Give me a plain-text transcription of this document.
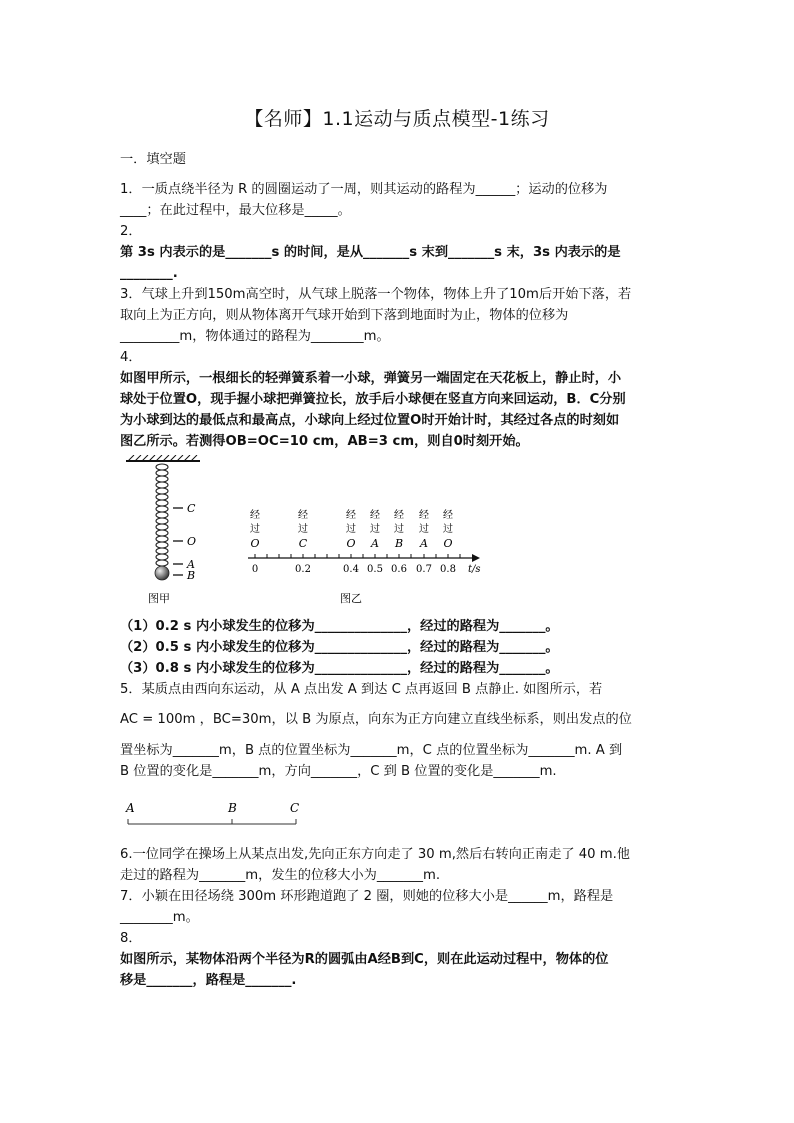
【名师】1.1运动与质点模型-1练习
一．填空题
1．一质点绕半径为 R 的圆圈运动了一周，则其运动的路程为______；运动的位移为
____；在此过程中，最大位移是_____。
2．
第 3s 内表示的是_______s 的时间，是从_______s 末到_______s 末，3s 内表示的是
________.
3．气球上升到150m高空时，从气球上脱落一个物体，物体上升了10m后开始下落，若
取向上为正方向，则从物体离开气球开始到下落到地面时为止，物体的位移为
_________m，物体通过的路程为________m。
4．
如图甲所示，一根细长的轻弹簧系着一小球，弹簧另一端固定在天花板上，静止时，小
球处于位置O，现手握小球把弹簧拉长，放手后小球便在竖直方向来回运动，B．C分别
为小球到达的最低点和最高点，小球向上经过位置O时开始计时，其经过各点的时刻如
图乙所示。若测得OB=OC=10 cm，AB=3 cm，则自0时刻开始。
C
O
A
B
图甲
经
过
经
过
经
过
经
过
经
过
经
过
经
过
O	C	O A B A O
0	0.2	0.4 0.5 0.6 0.7 0.8 t/s
图乙
（1）0.2 s 内小球发生的位移为______________，经过的路程为_______。
（2）0.5 s 内小球发生的位移为______________，经过的路程为_______。
（3）0.8 s 内小球发生的位移为______________，经过的路程为_______。
5．某质点由西向东运动，从 A 点出发 A 到达 C 点再返回 B 点静止. 如图所示，若
AC = 100m ，BC=30m，以 B 为原点，向东为正方向建立直线坐标系，则出发点的位
置坐标为_______m，B 点的位置坐标为_______m，C 点的位置坐标为_______m. A 到
B 位置的变化是_______m，方向_______，C 到 B 位置的变化是_______m.
A	B	C
6.一位同学在操场上从某点出发,先向正东方向走了 30 m,然后右转向正南走了 40 m.他
走过的路程为_______m，发生的位移大小为_______m.
7．小颖在田径场绕 300m 环形跑道跑了 2 圈，则她的位移大小是______m，路程是
________m。
8．
如图所示，某物体沿两个半径为R的圆弧由A经B到C，则在此运动过程中，物体的位
移是_______，路程是_______.
